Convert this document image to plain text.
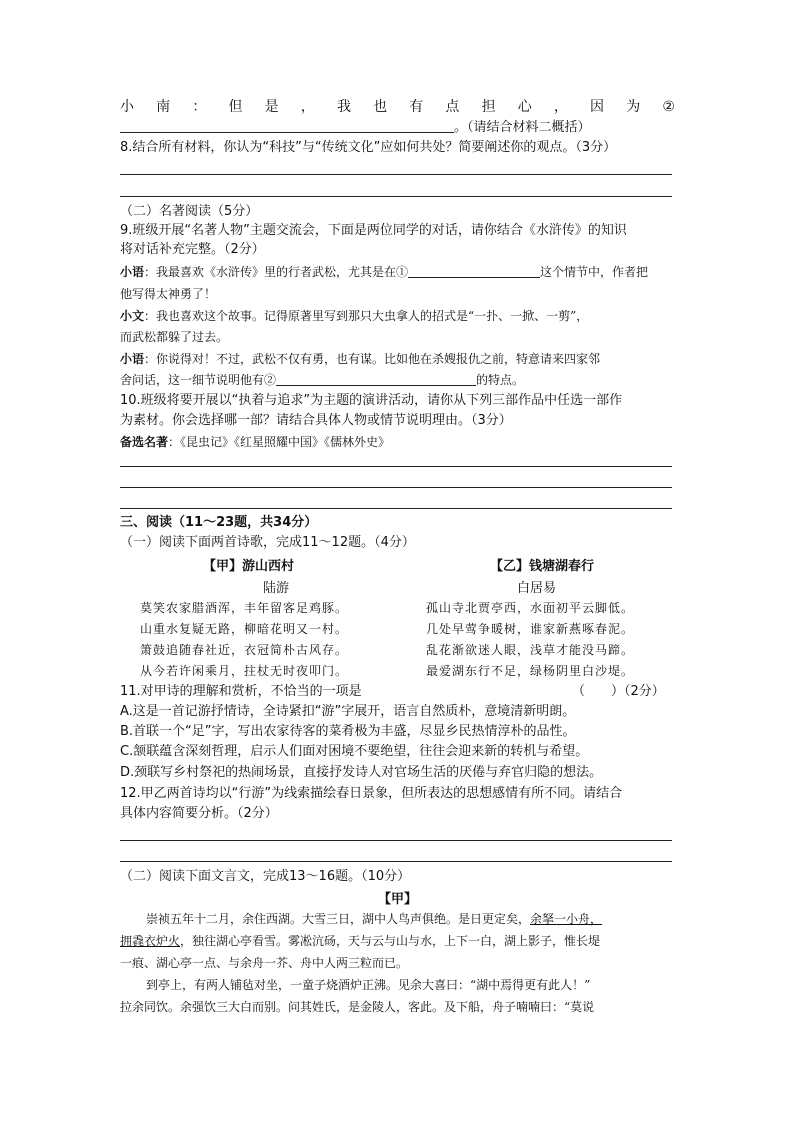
小 南 ： 但 是 ， 我 也 有 点 担 心 ， 因 为 ②
。（请结合材料二概括）
8.结合所有材料，你认为“科技”与“传统文化”应如何共处？简要阐述你的观点。（3分）
（二）名著阅读（5分）
9.班级开展“名著人物”主题交流会，下面是两位同学的对话，请你结合《水浒传》的知识
将对话补充完整。（2分）
小语：我最喜欢《水浒传》里的行者武松，尤其是在①	这个情节中，作者把
他写得太神勇了！
小文：我也喜欢这个故事。记得原著里写到那只大虫拿人的招式是“一扑、一掀、一剪”，
而武松都躲了过去。
小语：你说得对！不过，武松不仅有勇，也有谋。比如他在杀嫂报仇之前，特意请来四家邻
舍问话，这一细节说明他有②	的特点。
10.班级将要开展以“执着与追求”为主题的演讲活动，请你从下列三部作品中任选一部作
为素材。你会选择哪一部？请结合具体人物或情节说明理由。（3分）
备选名著：《昆虫记》《红星照耀中国》《儒林外史》
三、阅读（11～23题，共34分）
（一）阅读下面两首诗歌，完成11～12题。（4分）
【甲】游山西村	【乙】钱塘湖春行
陆游	白居易
莫笑农家腊酒浑，丰年留客足鸡豚。
山重水复疑无路，柳暗花明又一村。
箫鼓追随春社近，衣冠简朴古风存。
从今若许闲乘月，拄杖无时夜叩门。
孤山寺北贾亭西，水面初平云脚低。
几处早莺争暖树，谁家新燕啄春泥。
乱花渐欲迷人眼，浅草才能没马蹄。
最爱湖东行不足，绿杨阴里白沙堤。
11.对甲诗的理解和赏析，不恰当的一项是	（　　）（2分）
A.这是一首记游抒情诗，全诗紧扣“游”字展开，语言自然质朴，意境清新明朗。
B.首联一个“足”字，写出农家待客的菜肴极为丰盛，尽显乡民热情淳朴的品性。
C.颔联蕴含深刻哲理，启示人们面对困境不要绝望，往往会迎来新的转机与希望。
D.颈联写乡村祭祀的热闹场景，直接抒发诗人对官场生活的厌倦与弃官归隐的想法。
12.甲乙两首诗均以“行游”为线索描绘春日景象，但所表达的思想感情有所不同。请结合
具体内容简要分析。（2分）
（二）阅读下面文言文，完成13～16题。（10分）
【甲】
崇祯五年十二月，余住西湖。大雪三日，湖中人鸟声俱绝。是日更定矣，余拏一小舟，
拥毳衣炉火，独往湖心亭看雪。雾凇沆砀，天与云与山与水，上下一白，湖上影子，惟长堤
一痕、湖心亭一点、与余舟一芥、舟中人两三粒而已。
到亭上，有两人铺毡对坐，一童子烧酒炉正沸。见余大喜曰：“湖中焉得更有此人！”
拉余同饮。余强饮三大白而别。问其姓氏，是金陵人，客此。及下船，舟子喃喃曰：“莫说
